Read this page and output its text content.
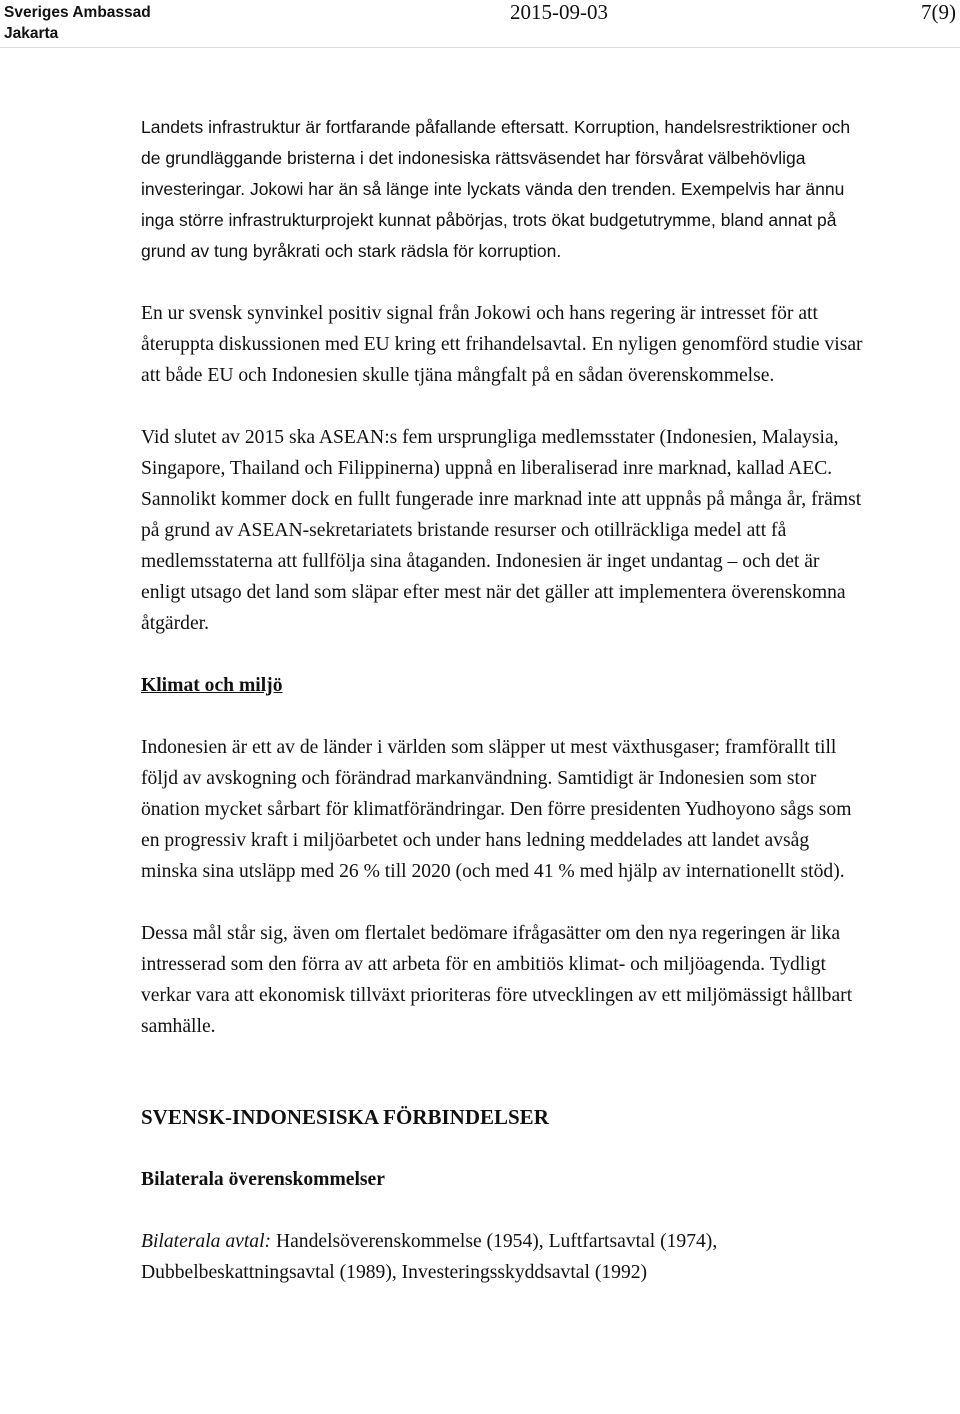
Sveriges Ambassad
Jakarta
2015-09-03	7(9)

Landets infrastruktur är fortfarande påfallande eftersatt. Korruption, handelsrestriktioner och de grundläggande bristerna i det indonesiska rättsväsendet har försvårat välbehövliga investeringar. Jokowi har än så länge inte lyckats vända den trenden. Exempelvis har ännu inga större infrastrukturprojekt kunnat påbörjas, trots ökat budgetutrymme, bland annat på grund av tung byråkrati och stark rädsla för korruption.

En ur svensk synvinkel positiv signal från Jokowi och hans regering är intresset för att återuppta diskussionen med EU kring ett frihandelsavtal. En nyligen genomförd studie visar att både EU och Indonesien skulle tjäna mångfalt på en sådan överenskommelse.

Vid slutet av 2015 ska ASEAN:s fem ursprungliga medlemsstater (Indonesien, Malaysia, Singapore, Thailand och Filippinerna) uppnå en liberaliserad inre marknad, kallad AEC. Sannolikt kommer dock en fullt fungerade inre marknad inte att uppnås på många år, främst på grund av ASEAN-sekretariatets bristande resurser och otillräckliga medel att få medlemsstaterna att fullfölja sina åtaganden. Indonesien är inget undantag – och det är enligt utsago det land som släpar efter mest när det gäller att implementera överenskomna åtgärder.

Klimat och miljö

Indonesien är ett av de länder i världen som släpper ut mest växthusgaser; framförallt till följd av avskogning och förändrad markanvändning. Samtidigt är Indonesien som stor önation mycket sårbart för klimatförändringar. Den förre presidenten Yudhoyono sågs som en progressiv kraft i miljöarbetet och under hans ledning meddelades att landet avsåg minska sina utsläpp med 26 % till 2020 (och med 41 % med hjälp av internationellt stöd).

Dessa mål står sig, även om flertalet bedömare ifrågasätter om den nya regeringen är lika intresserad som den förra av att arbeta för en ambitiös klimat- och miljöagenda. Tydligt verkar vara att ekonomisk tillväxt prioriteras före utvecklingen av ett miljömässigt hållbart samhälle.

SVENSK-INDONESISKA FÖRBINDELSER
Bilaterala överenskommelser

Bilaterala avtal: Handelsöverenskommelse (1954), Luftfartsavtal (1974), Dubbelbeskattningsavtal (1989), Investeringsskyddsavtal (1992)
